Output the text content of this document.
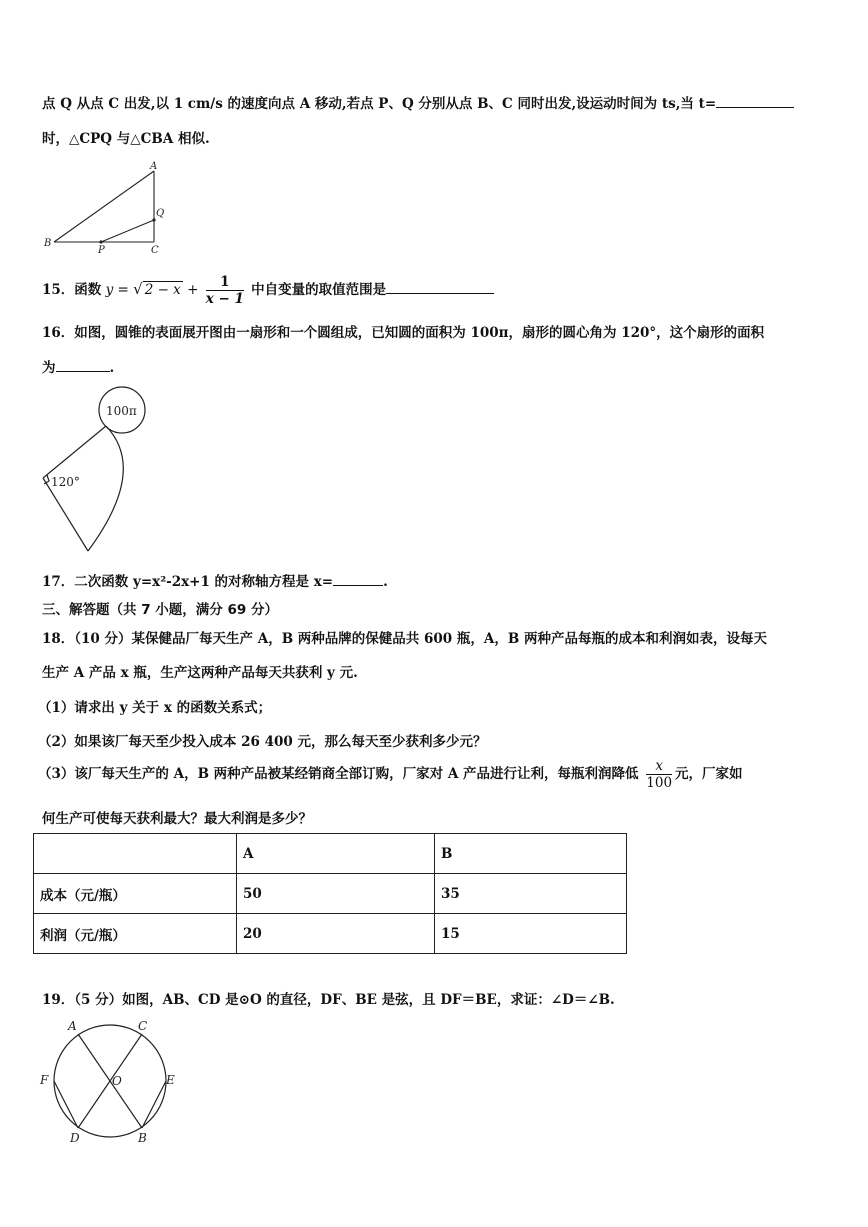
点 Q 从点 C 出发,以 1 cm/s 的速度向点 A 移动,若点 P、Q 分别从点 B、C 同时出发,设运动时间为 ts,当 t=
时，△CPQ 与△CBA 相似.
A
Q
B
P	C
15．函数 y = √ $2 - x + \frac{1}{x - 1}$ 中自变量的取值范围是
16．如图，圆锥的表面展开图由一扇形和一个圆组成，已知圆的面积为 100π，扇形的圆心角为 120°，这个扇形的面积
为	.
100π
120°
17．二次函数 y=x²-2x+1 的对称轴方程是 x=	.
三、解答题（共 7 小题，满分 69 分）
18．（10 分）某保健品厂每天生产 A，B 两种品牌的保健品共 600 瓶，A，B 两种产品每瓶的成本和利润如表，设每天
生产 A 产品 x 瓶，生产这两种产品每天共获利 y 元.
（1）请求出 y 关于 x 的函数关系式；
（2）如果该厂每天至少投入成本 26 400 元，那么每天至少获利多少元？
（3）该厂每天生产的 A，B 两种产品被某经销商全部订购，厂家对 A 产品进行让利，每瓶利润降低 $\frac{x}{100}$ 元，厂家如
何生产可使每天获利最大？最大利润是多少？
	A	B
成本（元/瓶）	50	35
利润（元/瓶）	20	15
19．（5 分）如图，AB、CD 是⊙O 的直径，DF、BE 是弦，且 DF＝BE，求证：∠D＝∠B.
A	C
F	O	E
D	B
